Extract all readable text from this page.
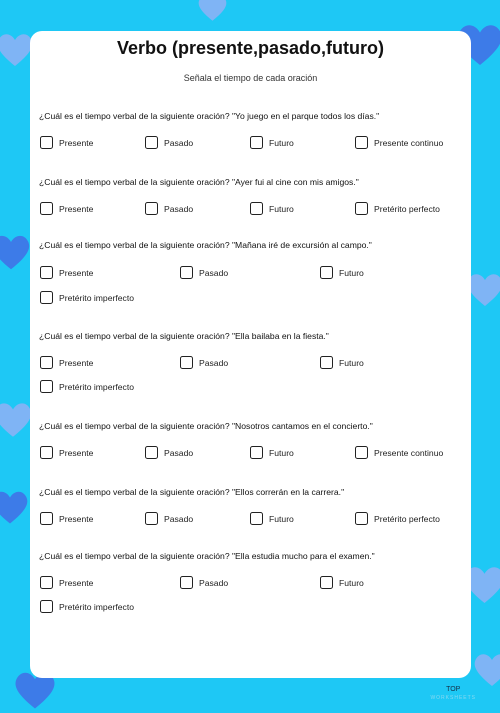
Verbo (presente,pasado,futuro)
Señala el tiempo de cada oración
¿Cuál es el tiempo verbal de la siguiente oración? "Yo juego en el parque todos los días."
Presente	Pasado	Futuro	Presente continuo
¿Cuál es el tiempo verbal de la siguiente oración? "Ayer fui al cine con mis amigos."
Presente	Pasado	Futuro	Pretérito perfecto
¿Cuál es el tiempo verbal de la siguiente oración? "Mañana iré de excursión al campo."
Presente	Pasado	Futuro
Pretérito imperfecto
¿Cuál es el tiempo verbal de la siguiente oración? "Ella bailaba en la fiesta."
Presente	Pasado	Futuro
Pretérito imperfecto
¿Cuál es el tiempo verbal de la siguiente oración? "Nosotros cantamos en el concierto."
Presente	Pasado	Futuro	Presente continuo
¿Cuál es el tiempo verbal de la siguiente oración? "Ellos correrán en la carrera."
Presente	Pasado	Futuro	Pretérito perfecto
¿Cuál es el tiempo verbal de la siguiente oración? "Ella estudia mucho para el examen."
Presente	Pasado	Futuro
Pretérito imperfecto
TOP
WORKSHEETS
